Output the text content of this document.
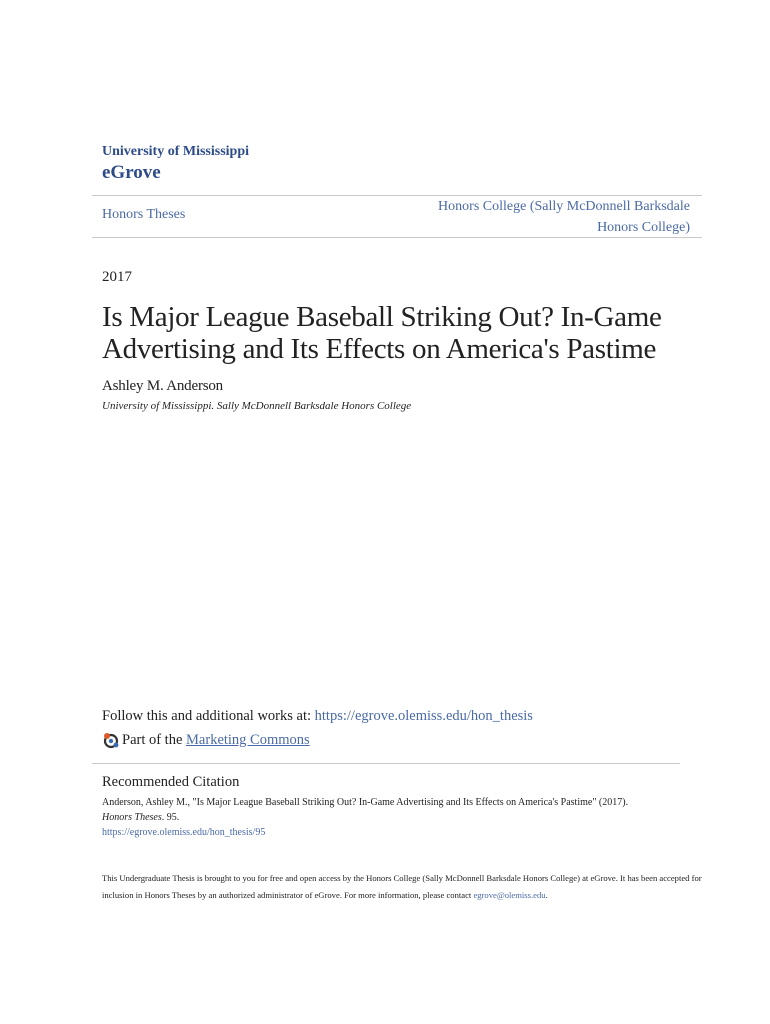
University of Mississippi
eGrove
Honors Theses
Honors College (Sally McDonnell Barksdale
Honors College)
2017
Is Major League Baseball Striking Out? In-Game
Advertising and Its Effects on America's Pastime
Ashley M. Anderson
University of Mississippi. Sally McDonnell Barksdale Honors College
Follow this and additional works at: https://egrove.olemiss.edu/hon_thesis
Part of the Marketing Commons
Recommended Citation
Anderson, Ashley M., "Is Major League Baseball Striking Out? In-Game Advertising and Its Effects on America's Pastime" (2017).
Honors Theses. 95.
https://egrove.olemiss.edu/hon_thesis/95
This Undergraduate Thesis is brought to you for free and open access by the Honors College (Sally McDonnell Barksdale Honors College) at eGrove. It has been accepted for inclusion in Honors Theses by an authorized administrator of eGrove. For more information, please contact egrove@olemiss.edu.
